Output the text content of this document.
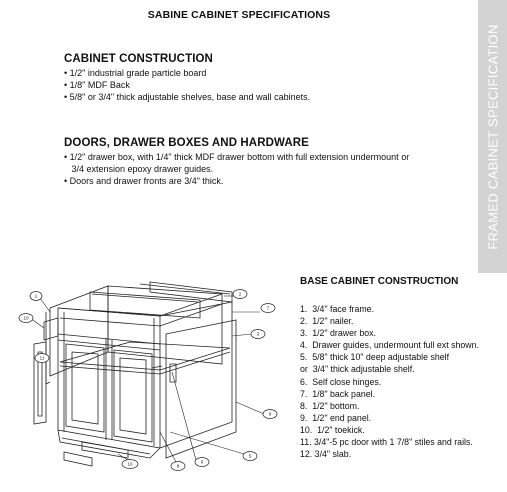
SABINE CABINET SPECIFICATIONS
CABINET CONSTRUCTION
• 1/2" industrial grade particle board
• 1/8" MDF Back
• 5/8" or 3/4" thick adjustable shelves, base and wall cabinets.
DOORS, DRAWER BOXES AND HARDWARE
• 1/2" drawer box, with 1/4" thick MDF drawer bottom with full extension undermount or
3/4 extension epoxy drawer guides.
• Doors and drawer fronts are 3/4" thick.	FRAMED CABINET SPECIFICATION
1
10
11
2
7
3
9
5
6
8
10
BASE CABINET CONSTRUCTION
1.  3/4" face frame.
2.  1/2" nailer.
3.  1/2" drawer box.
4.  Drawer guides, undermount full ext shown.
5.  5/8" thick 10" deep adjustable shelf
or  3/4" thick adjustable shelf.
6.  Self close hinges.
7.  1/8" back panel.
8.  1/2" bottom.
9.  1/2" end panel.
10.  1/2" toekick.
11. 3/4"-5 pc door with 1 7/8" stiles and rails.
12. 3/4" slab.
